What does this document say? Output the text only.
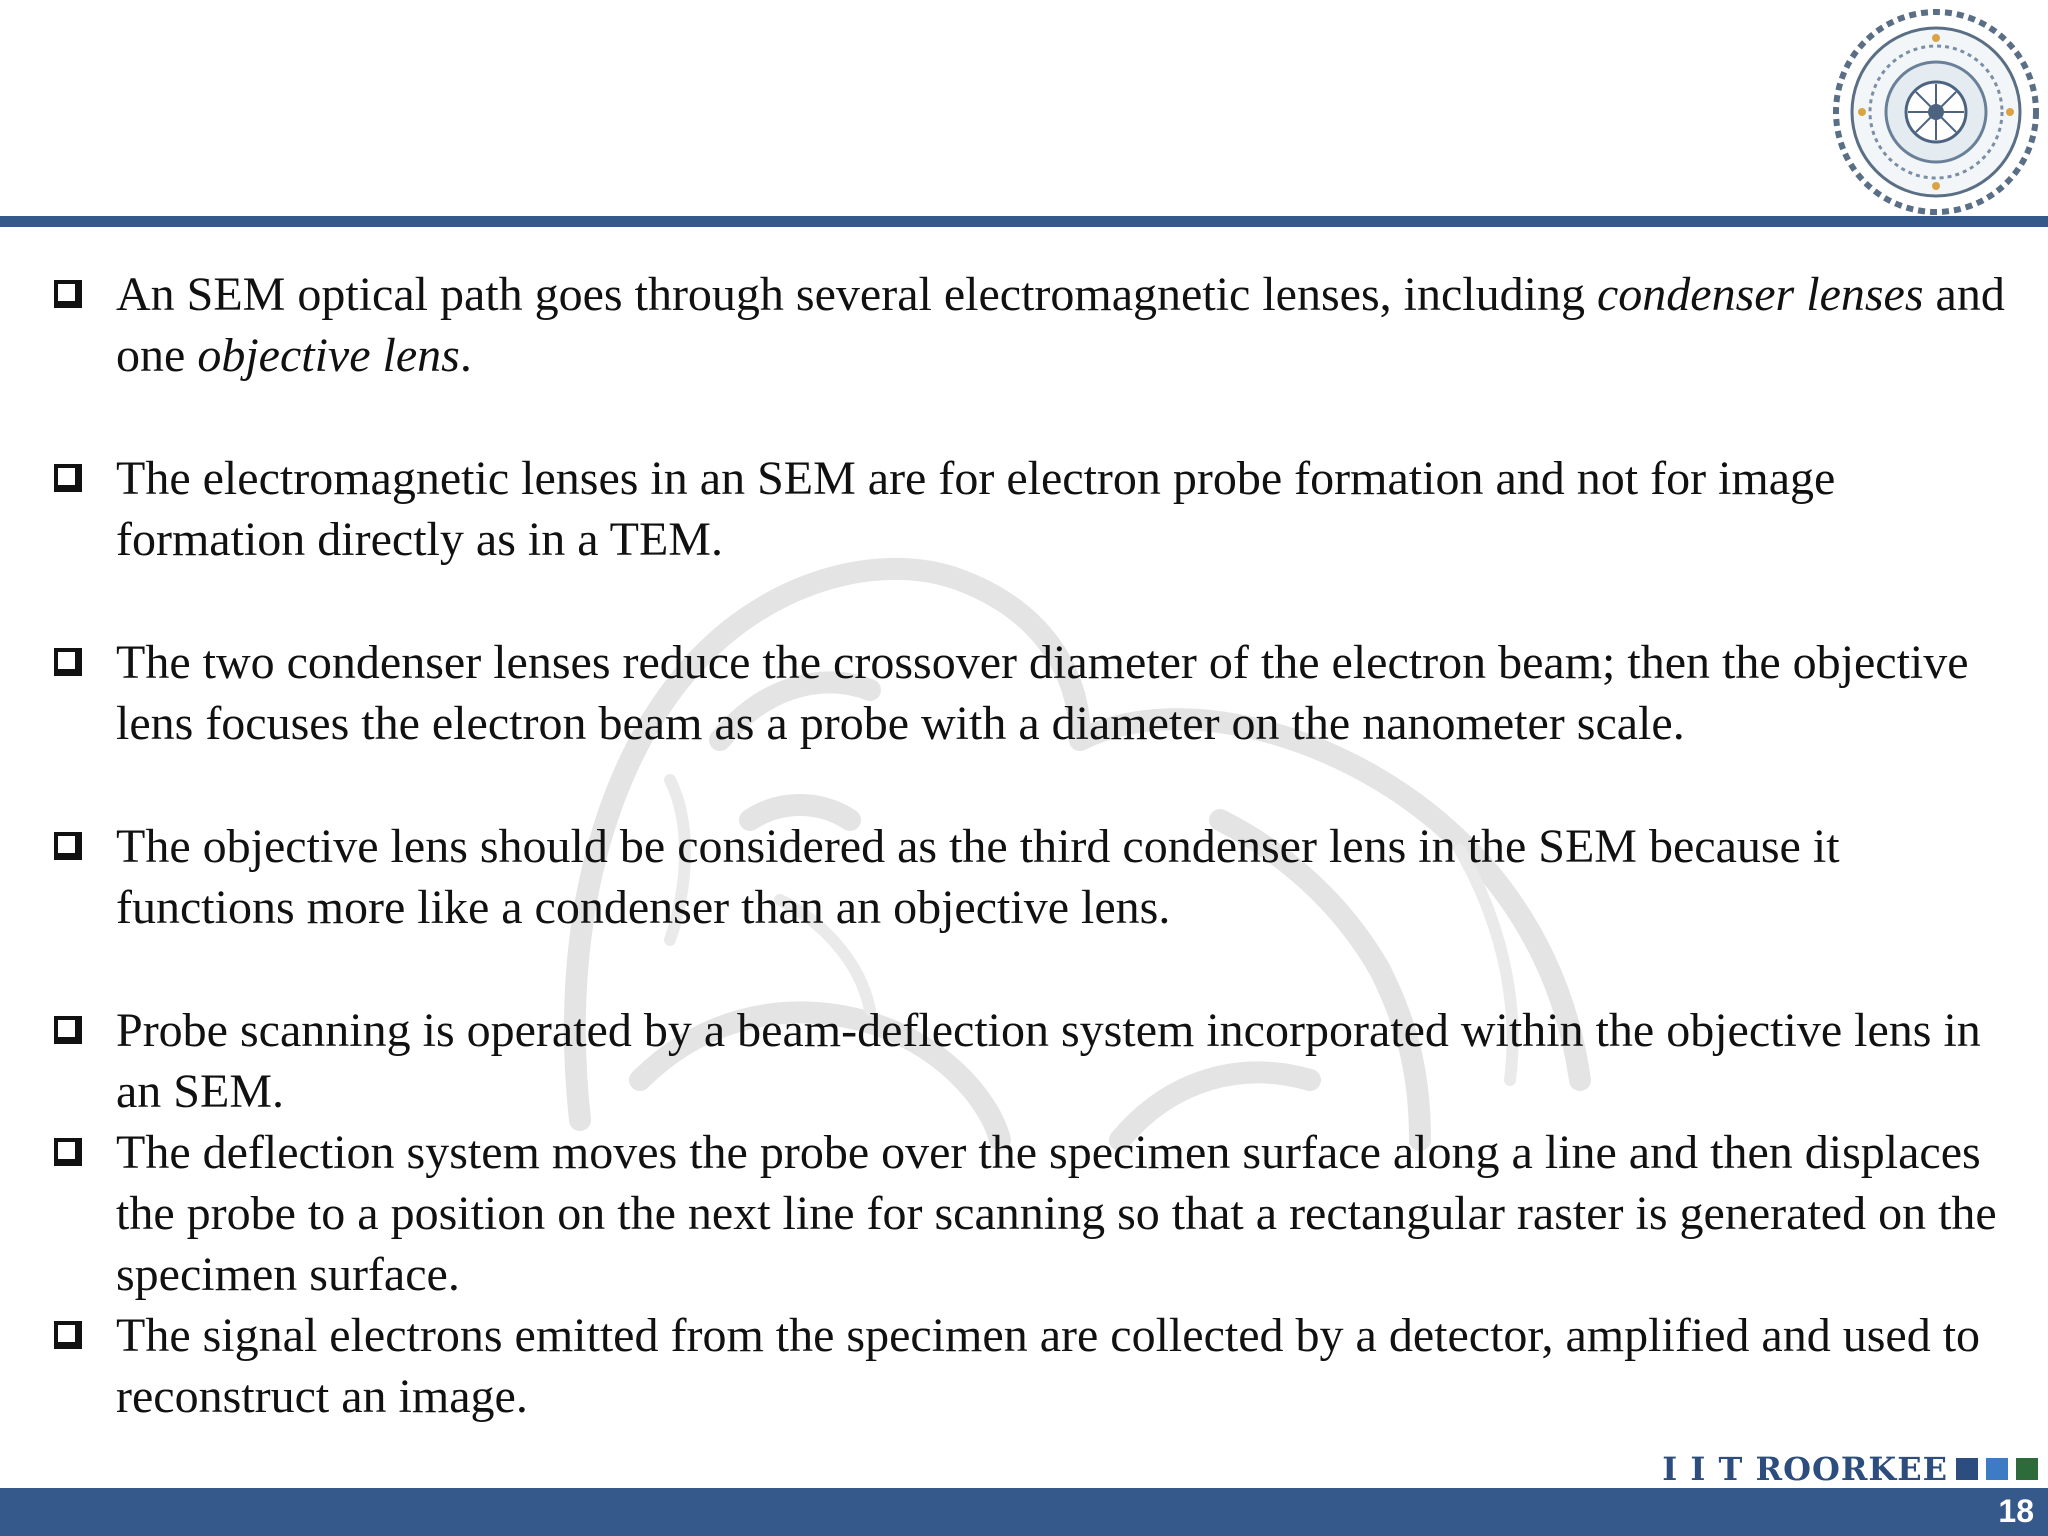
An SEM optical path goes through several electromagnetic lenses, including condenser lenses and one objective lens.
The electromagnetic lenses in an SEM are for electron probe formation and not for image formation directly as in a TEM.
The two condenser lenses reduce the crossover diameter of the electron beam; then the objective lens focuses the electron beam as a probe with a diameter on the nanometer scale.
The objective lens should be considered as the third condenser lens in the SEM because it functions more like a condenser than an objective lens.
Probe scanning is operated by a beam-deflection system incorporated within the objective lens in an SEM.
The deflection system moves the probe over the specimen surface along a line and then displaces the probe to a position on the next line for scanning so that a rectangular raster is generated on the specimen surface.
The signal electrons emitted from the specimen are collected by a detector, amplified and used to reconstruct an image.
I I T ROORKEE
18
